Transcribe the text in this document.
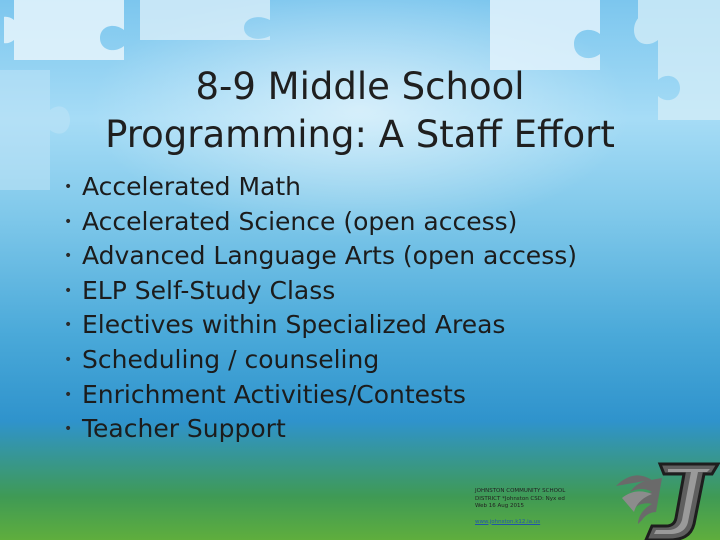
8-9 Middle School
Programming: A Staff Effort
• Accelerated Math
• Accelerated Science (open access)
• Advanced Language Arts (open access)
• ELP Self-Study Class
• Electives within Specialized Areas
• Scheduling / counseling
• Enrichment Activities/Contests
• Teacher Support
JOHNSTON COMMUNITY SCHOOL
DISTRICT *Johnston CSD: Nyx ed
Web 16 Aug 2015
www.johnston.k12.ia.us
